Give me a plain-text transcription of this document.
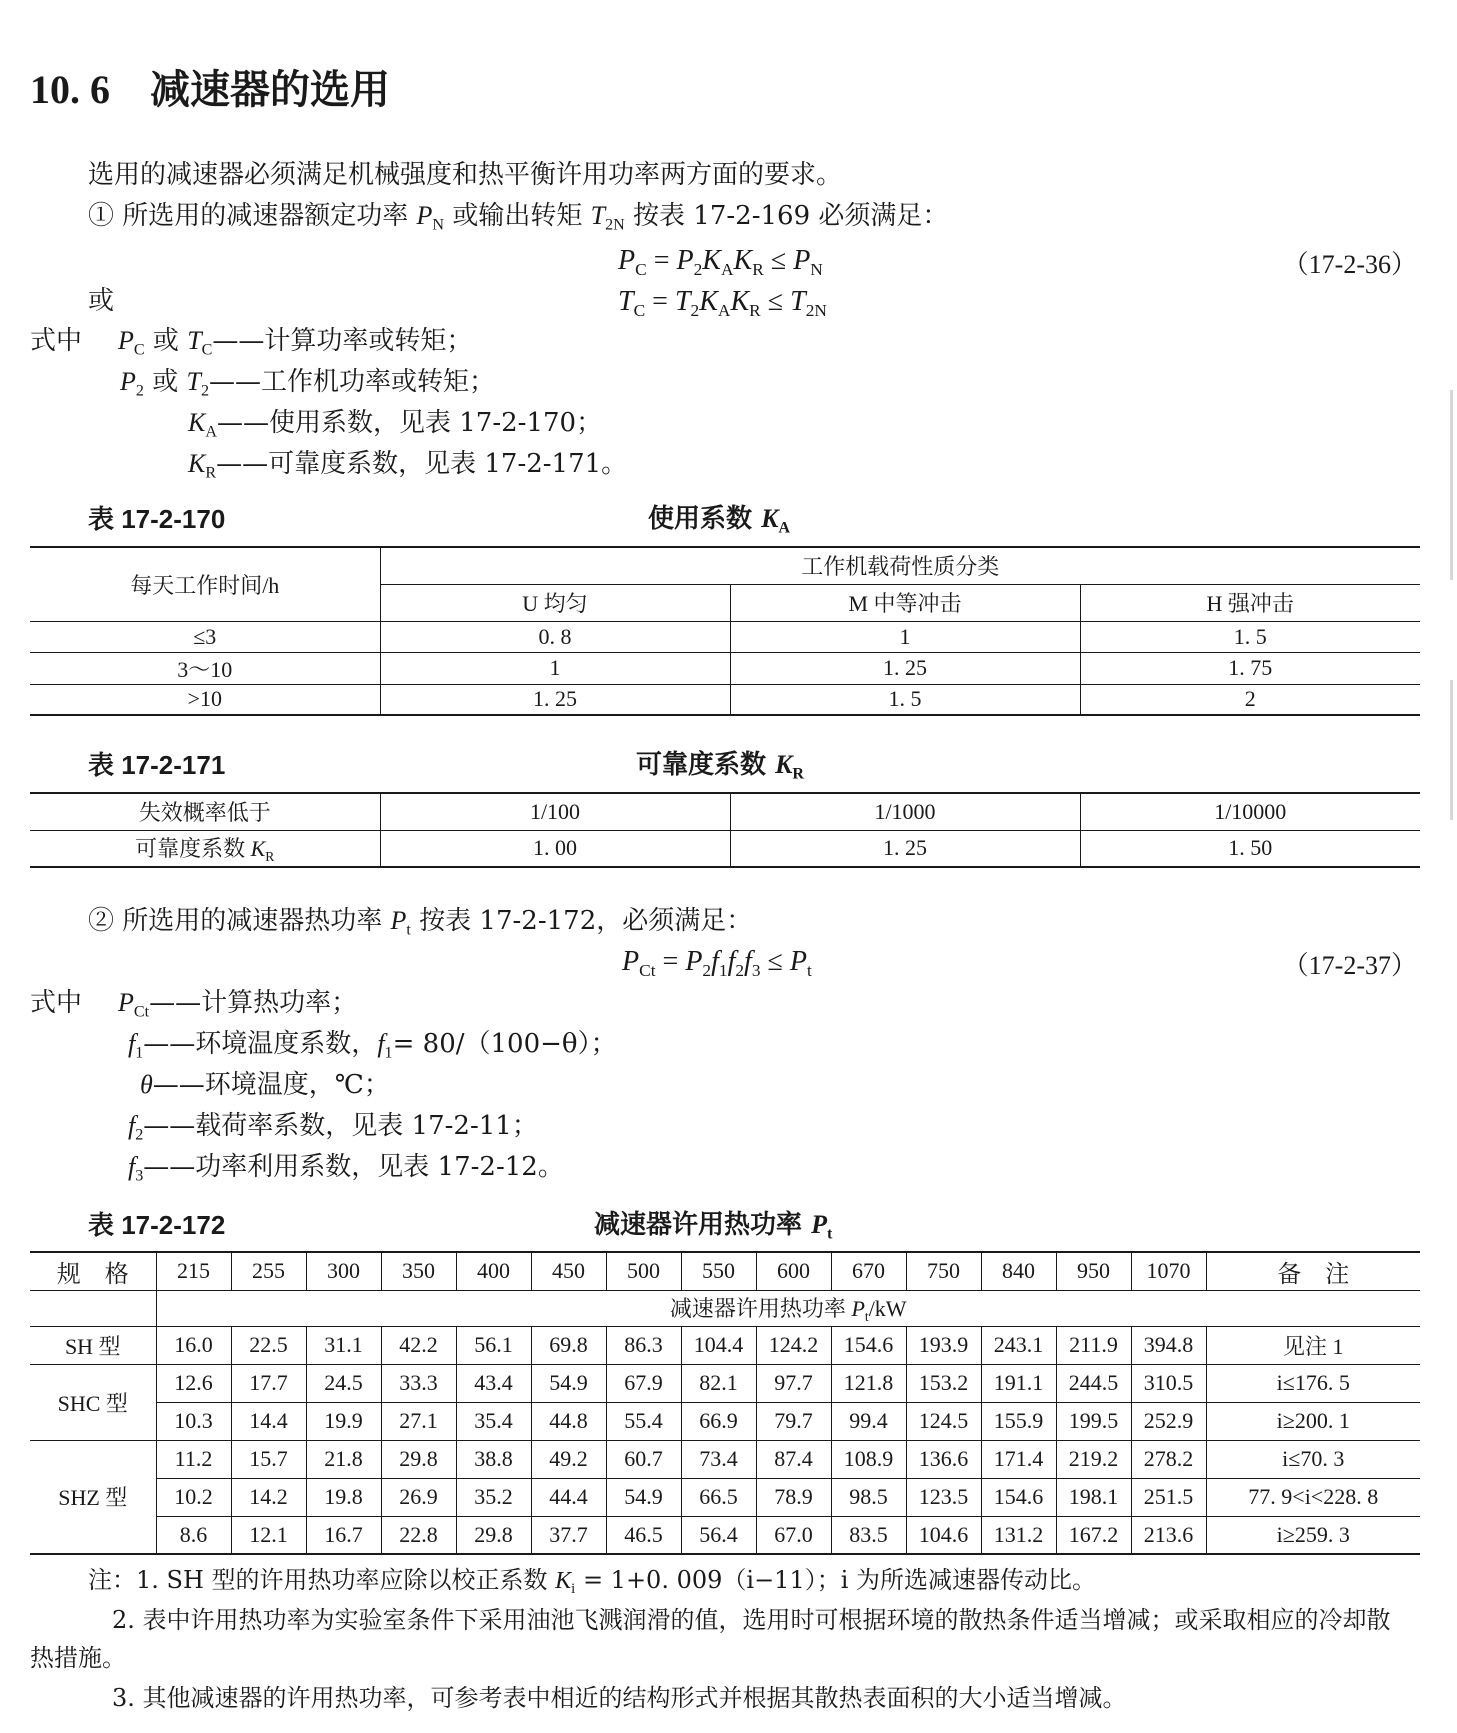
10. 6 减速器的选用
选用的减速器必须满足机械强度和热平衡许用功率两方面的要求。
① 所选用的减速器额定功率 $P_N$ 或输出转矩 $T_{2N}$ 按表 17-2-169 必须满足：
$P_C = P_2K_AK_R \le P_N$	（17-2-36）
或	$T_C = T_2K_AK_R \le T_{2N}$
式中 $P_C$ 或 $T_C——$计算功率或转矩；
$P_2$ 或 $T_2——$工作机功率或转矩；
$K_A——$使用系数，见表 17-2-170；
$K_R——$可靠度系数，见表 17-2-171。
表 17-2-170	使用系数 $K_A$
每天工作时间/h	工作机载荷性质分类		
	U 均匀	M 中等冲击	H 强冲击
≤3	0. 8	1	1. 5
3～10	1	1. 25	1. 75
>10	1. 25	1. 5	2
表 17-2-171	可靠度系数 $K_R$
失效概率低于	1/100	1/1000	1/10000
可靠度系数 $K_R$	1. 00	1. 25	1. 50
② 所选用的减速器热功率 $P_t$ 按表 17-2-172，必须满足：
$P_{Ct} = P_2f_1f_2f_3 \le P_t$	（17-2-37）
式中 $P_{Ct}——$计算热功率；
$f_1——$环境温度系数，$f_1= 80/(100-\theta)$；
θ——环境温度，℃；
$f_2——$载荷率系数，见表 17-2-11；
$f_3——$功率利用系数，见表 17-2-12。
表 17-2-172	减速器许用热功率 $P_t$
规　格	215	255	300	350	400	450	500	550	600	670	750	840	950	1070	备　注
	减速器许用热功率 $P_t/kW$														
SH 型	16.0	22.5	31.1	42.2	56.1	69.8	86.3	104.4	124.2	154.6	193.9	243.1	211.9	394.8	见注 1
SHC 型	12.6	17.7	24.5	33.3	43.4	54.9	67.9	82.1	97.7	121.8	153.2	191.1	244.5	310.5	i≤176. 5
	10.3	14.4	19.9	27.1	35.4	44.8	55.4	66.9	79.7	99.4	124.5	155.9	199.5	252.9	i≥200. 1
SHZ 型	11.2	15.7	21.8	29.8	38.8	49.2	60.7	73.4	87.4	108.9	136.6	171.4	219.2	278.2	i≤70. 3
	10.2	14.2	19.8	26.9	35.2	44.4	54.9	66.5	78.9	98.5	123.5	154.6	198.1	251.5	77. 9<i<228. 8
	8.6	12.1	16.7	22.8	29.8	37.7	46.5	56.4	67.0	83.5	104.6	131.2	167.2	213.6	i≥259. 3
注：1. SH 型的许用热功率应除以校正系数 $K_i = 1+0$. 009（i−11）；i 为所选减速器传动比。
2. 表中许用热功率为实验室条件下采用油池飞溅润滑的值，选用时可根据环境的散热条件适当增减；或采取相应的冷却散
热措施。
3. 其他减速器的许用热功率，可参考表中相近的结构形式并根据其散热表面积的大小适当增减。
